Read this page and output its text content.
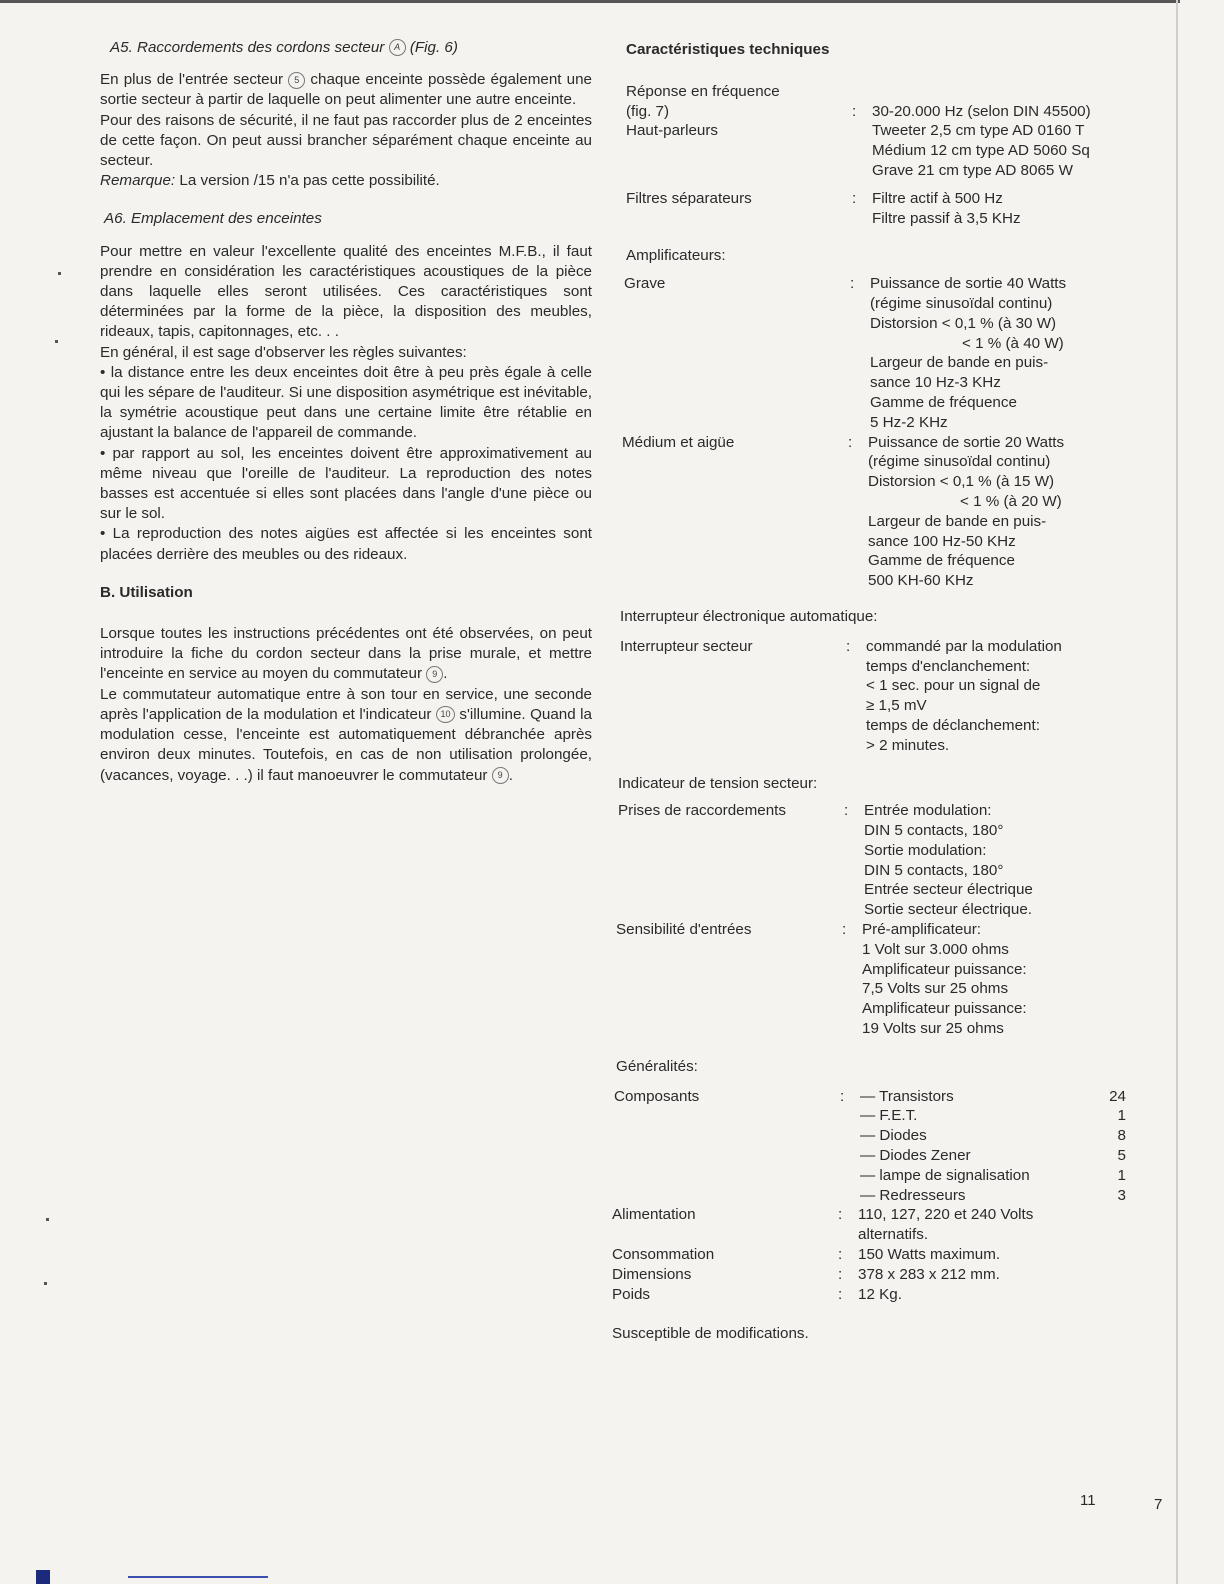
A5. Raccordements des cordons secteur A (Fig. 6)

En plus de l'entrée secteur 5 chaque enceinte possède également une sortie secteur à partir de laquelle on peut alimenter une autre enceinte.

Pour des raisons de sécurité, il ne faut pas raccorder plus de 2 enceintes de cette façon. On peut aussi brancher séparément chaque enceinte au secteur.

Remarque: La version /15 n'a pas cette possibilité.

A6. Emplacement des enceintes

Pour mettre en valeur l'excellente qualité des enceintes M.F.B., il faut prendre en considération les caractéristiques acoustiques de la pièce dans laquelle elles seront utilisées. Ces caractéristiques sont déterminées par la forme de la pièce, la disposition des meubles, rideaux, tapis, capitonnages, etc. . .

En général, il est sage d'observer les règles suivantes:

• la distance entre les deux enceintes doit être à peu près égale à celle qui les sépare de l'auditeur. Si une disposition asymétrique est inévitable, la symétrie acoustique peut dans une certaine limite être rétablie en ajustant la balance de l'appareil de commande.

• par rapport au sol, les enceintes doivent être approximativement au même niveau que l'oreille de l'auditeur. La reproduction des notes basses est accentuée si elles sont placées dans l'angle d'une pièce ou sur le sol.

• La reproduction des notes aigües est affectée si les enceintes sont placées derrière des meubles ou des rideaux.

B. Utilisation

Lorsque toutes les instructions précédentes ont été observées, on peut introduire la fiche du cordon secteur dans la prise murale, et mettre l'enceinte en service au moyen du commutateur 9 .

Le commutateur automatique entre à son tour en service, une seconde après l'application de la modulation et l'indicateur 10 s'illumine. Quand la modulation cesse, l'enceinte est automatiquement débranchée après environ deux minutes. Toutefois, en cas de non utilisation prolongée, (vacances, voyage. . .) il faut manoeuvrer le commutateur 9 .

Caractéristiques techniques
Réponse en fréquence
(fig. 7)	:	30-20.000 Hz (selon DIN 45500)
Haut-parleurs	Tweeter 2,5 cm type AD 0160 T
Médium 12 cm type AD 5060 Sq
Grave 21 cm type AD 8065 W
Filtres séparateurs	:	Filtre actif à 500 Hz
Filtre passif à 3,5 KHz
Amplificateurs:
Grave	:	Puissance de sortie 40 Watts
(régime sinusoïdal continu)
Distorsion < 0,1 % (à 30 W)
< 1 % (à 40 W)
Largeur de bande en puis-
sance 10 Hz-3 KHz
Gamme de fréquence
5 Hz-2 KHz
Médium et aigüe	:	Puissance de sortie 20 Watts
(régime sinusoïdal continu)
Distorsion < 0,1 % (à 15 W)
< 1 % (à 20 W)
Largeur de bande en puis-
sance 100 Hz-50 KHz
Gamme de fréquence
500 KH-60 KHz
Interrupteur électronique automatique:
Interrupteur secteur	:	commandé par la modulation
temps d'enclanchement:
< 1 sec. pour un signal de
≥ 1,5 mV
temps de déclanchement:
> 2 minutes.
Indicateur de tension secteur:
Prises de raccordements	:	Entrée modulation:
DIN 5 contacts, 180°
Sortie modulation:
DIN 5 contacts, 180°
Entrée secteur électrique
Sortie secteur électrique.
Sensibilité d'entrées	:	Pré-amplificateur:
1 Volt sur 3.000 ohms
Amplificateur puissance:
7,5 Volts sur 25 ohms
Amplificateur puissance:
19 Volts sur 25 ohms
Généralités:
Composants	:	— Transistors	24
— F.E.T.	1
— Diodes	8
— Diodes Zener	5
— lampe de signalisation	1
— Redresseurs	3
Alimentation	:	110, 127, 220 et 240 Volts
alternatifs.
Consommation	:	150 Watts maximum.
Dimensions	:	378 x 283 x 212 mm.
Poids	:	12 Kg.
Susceptible de modifications.
11	7
